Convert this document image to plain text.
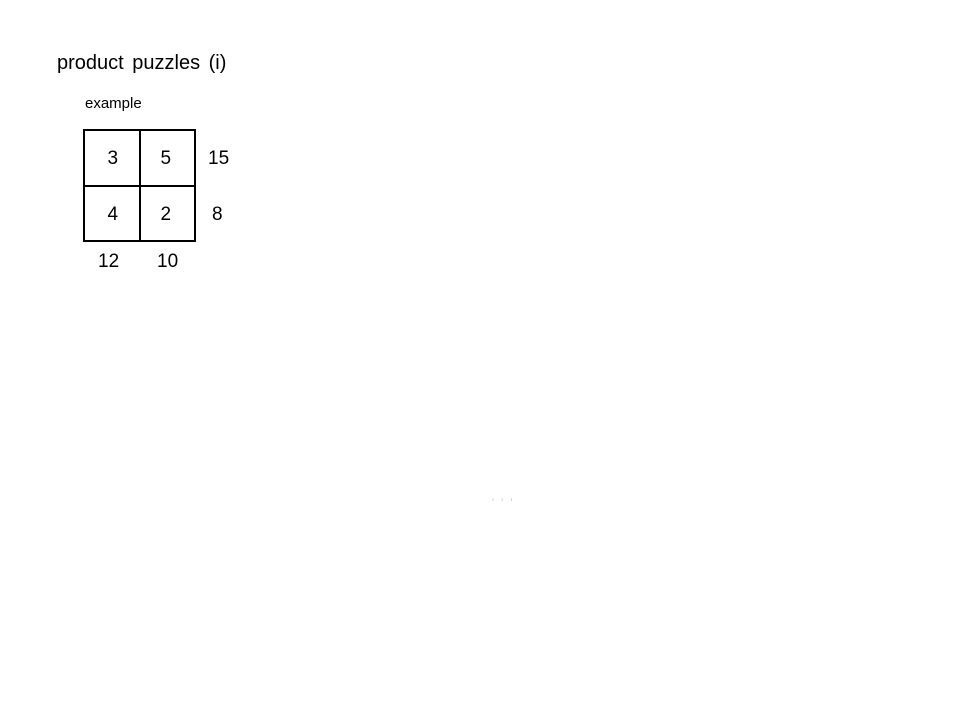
product puzzles (i)
example
3	5
4	2
15
8
12 10
' ' '
